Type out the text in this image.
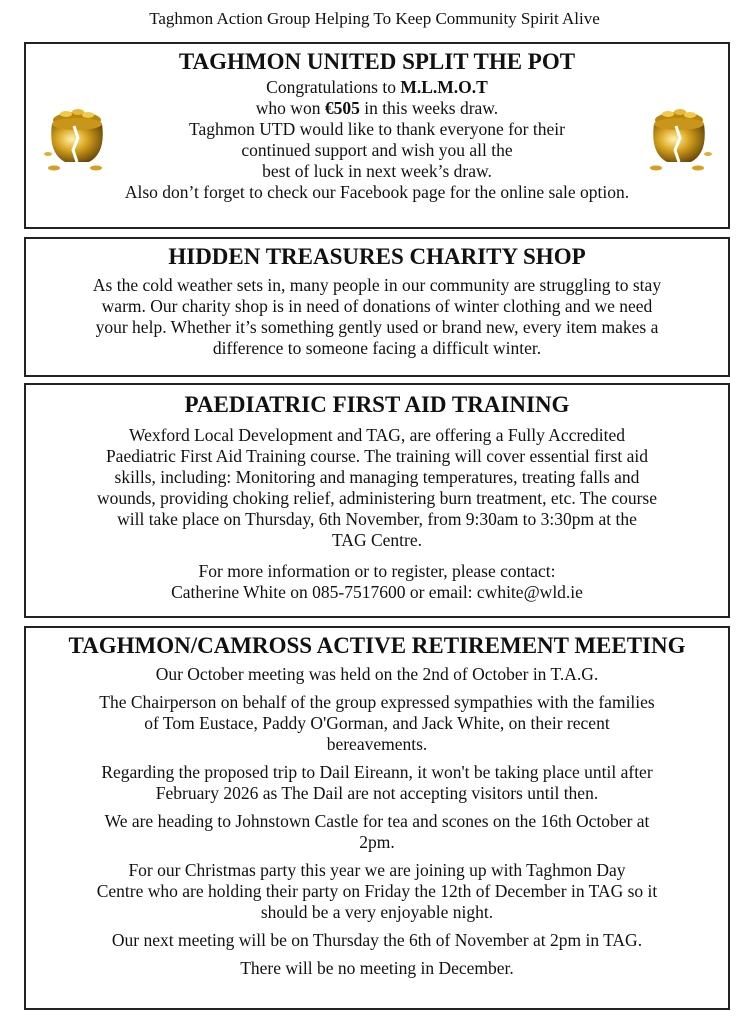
Taghmon Action Group Helping To Keep Community Spirit Alive
TAGHMON UNITED SPLIT THE POT
Congratulations to M.L.M.O.T
who won €505 in this weeks draw.
Taghmon UTD would like to thank everyone for their
continued support and wish you all the
best of luck in next week’s draw.
Also don’t forget to check our Facebook page for the online sale option.
HIDDEN TREASURES CHARITY SHOP
As the cold weather sets in, many people in our community are struggling to stay
warm. Our charity shop is in need of donations of winter clothing and we need
your help. Whether it’s something gently used or brand new, every item makes a
difference to someone facing a difficult winter.
PAEDIATRIC FIRST AID TRAINING
Wexford Local Development and TAG, are offering a Fully Accredited
Paediatric First Aid Training course. The training will cover essential first aid
skills, including: Monitoring and managing temperatures, treating falls and
wounds, providing choking relief, administering burn treatment, etc. The course
will take place on Thursday, 6th November, from 9:30am to 3:30pm at the
TAG Centre.
For more information or to register, please contact:
Catherine White on 085-7517600 or email: cwhite@wld.ie
TAGHMON/CAMROSS ACTIVE RETIREMENT MEETING
Our October meeting was held on the 2nd of October in T.A.G.
The Chairperson on behalf of the group expressed sympathies with the families
of Tom Eustace, Paddy O'Gorman, and Jack White, on their recent
bereavements.
Regarding the proposed trip to Dail Eireann, it won't be taking place until after
February 2026 as The Dail are not accepting visitors until then.
We are heading to Johnstown Castle for tea and scones on the 16th October at
2pm.
For our Christmas party this year we are joining up with Taghmon Day
Centre who are holding their party on Friday the 12th of December in TAG so it
should be a very enjoyable night.
Our next meeting will be on Thursday the 6th of November at 2pm in TAG.
There will be no meeting in December.
